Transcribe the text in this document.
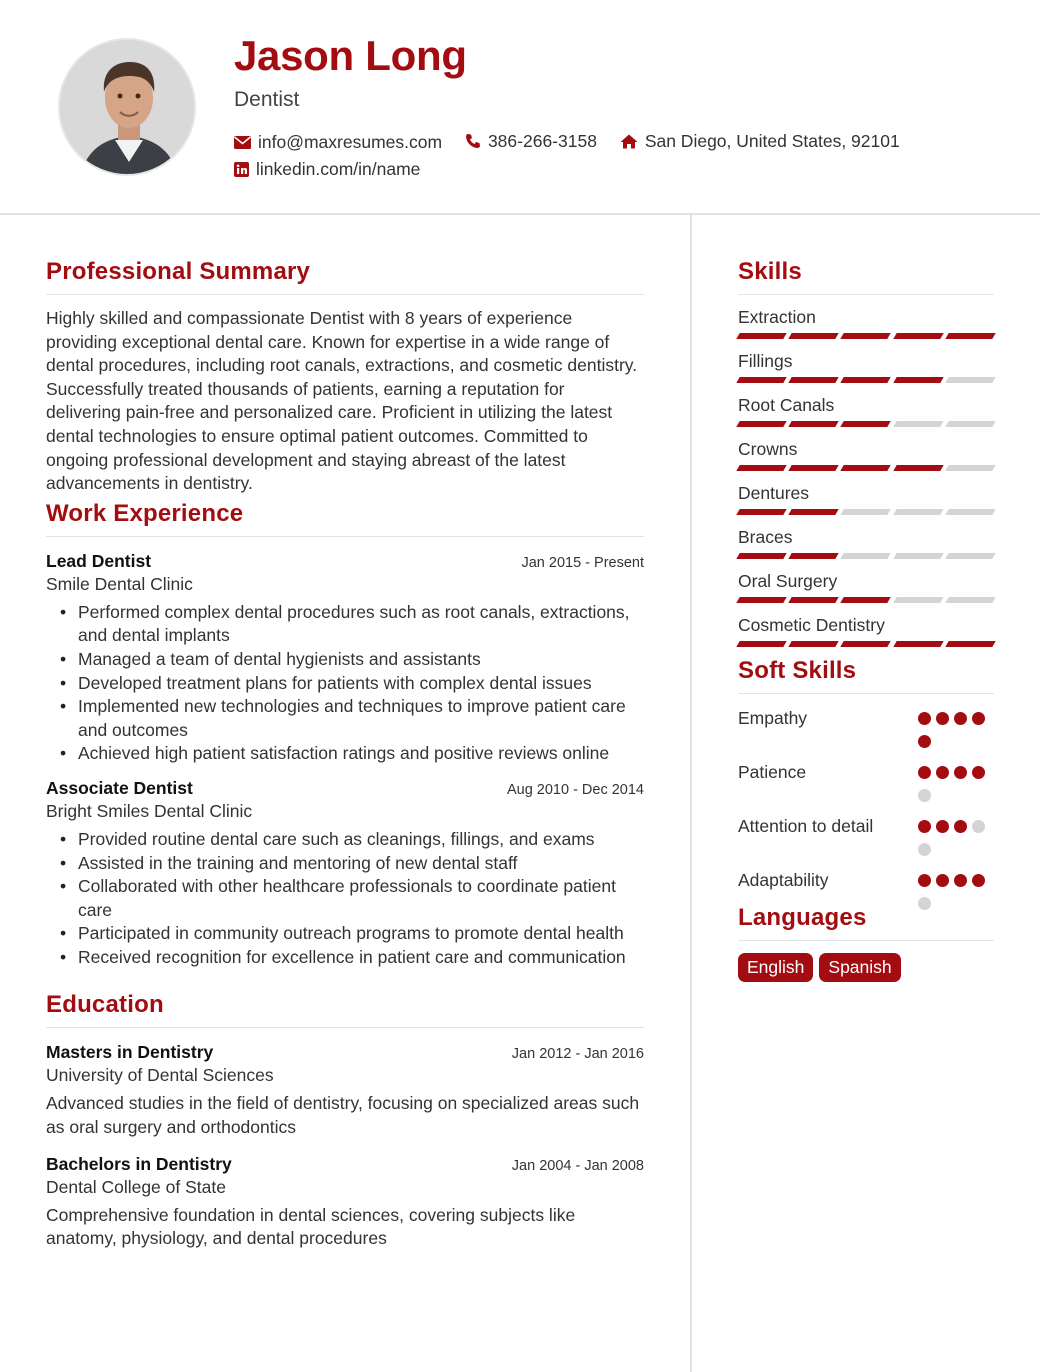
Jason Long
Dentist
info@maxresumes.com
	386-266-3158
	San Diego, United States, 92101
linkedin.com/in/name
Professional Summary

Highly skilled and compassionate Dentist with 8 years of experience providing exceptional dental care. Known for expertise in a wide range of dental procedures, including root canals, extractions, and cosmetic dentistry. Successfully treated thousands of patients, earning a reputation for delivering pain-free and personalized care. Proficient in utilizing the latest dental technologies to ensure optimal patient outcomes. Committed to ongoing professional development and staying abreast of the latest advancements in dentistry.

Work Experience
Lead Dentist	Jan 2015 - Present
Smile Dental Clinic
• Performed complex dental procedures such as root canals, extractions, and dental implants
• Managed a team of dental hygienists and assistants
• Developed treatment plans for patients with complex dental issues
• Implemented new technologies and techniques to improve patient care and outcomes
• Achieved high patient satisfaction ratings and positive reviews online
Associate Dentist	Aug 2010 - Dec 2014
Bright Smiles Dental Clinic
• Provided routine dental care such as cleanings, fillings, and exams
• Assisted in the training and mentoring of new dental staff
• Collaborated with other healthcare professionals to coordinate patient care
• Participated in community outreach programs to promote dental health
• Received recognition for excellence in patient care and communication
Education
Masters in Dentistry	Jan 2012 - Jan 2016
University of Dental Sciences
Advanced studies in the field of dentistry, focusing on specialized areas such as oral surgery and orthodontics
Bachelors in Dentistry	Jan 2004 - Jan 2008
Dental College of State
Comprehensive foundation in dental sciences, covering subjects like anatomy, physiology, and dental procedures
Skills
Extraction
Fillings
Root Canals
Crowns
Dentures
Braces
Oral Surgery
Cosmetic Dentistry
Soft Skills
Empathy
Patience
Attention to detail
Adaptability
Languages
English	Spanish
